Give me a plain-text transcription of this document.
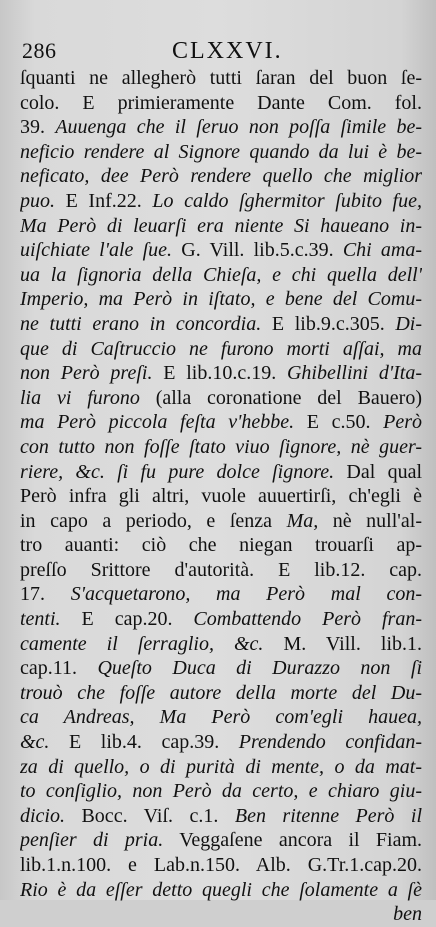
286	CLXXVI.
ſquanti ne allegherò tutti ſaran del buon ſe-
colo. E primieramente Dante Com. fol.
39. Auuenga che il ſeruo non poſſa ſimile be-
neficio rendere al Signore quando da lui è be-
neficato, dee Però rendere quello che miglior
puo. E Inf.22. Lo caldo ſghermitor ſubito fue,
Ma Però di leuarſi era niente Si haueano in-
uiſchiate l'ale ſue. G. Vill. lib.5.c.39. Chi ama-
ua la ſignoria della Chieſa, e chi quella dell'
Imperio, ma Però in iſtato, e bene del Comu-
ne tutti erano in concordia. E lib.9.c.305. Di-
que di Caſtruccio ne furono morti aſſai, ma
non Però preſi. E lib.10.c.19. Ghibellini d'Ita-
lia vi furono (alla coronatione del Bauero)
ma Però piccola feſta v'hebbe. E c.50. Però
con tutto non foſſe ſtato viuo ſignore, nè guer-
riere, &c. ſi fu pure dolce ſignore. Dal qual
Però infra gli altri, vuole auuertirſi, ch'egli è
in capo a periodo, e ſenza Ma, nè null'al-
tro auanti: ciò che niegan trouarſi ap-
preſſo Srittore d'autorità. E lib.12. cap.
17. S'acquetarono, ma Però mal con-
tenti. E cap.20. Combattendo Però fran-
camente il ſerraglio, &c. M. Vill. lib.1.
cap.11. Queſto Duca di Durazzo non ſi
trouò che foſſe autore della morte del Du-
ca Andreas, Ma Però com'egli hauea,
&c. E lib.4. cap.39. Prendendo confidan-
za di quello, o di purità di mente, o da mat-
to conſiglio, non Però da certo, e chiaro giu-
dicio. Bocc. Viſ. c.1. Ben ritenne Però il
penſier di pria. Veggaſene ancora il Fiam.
lib.1.n.100. e Lab.n.150. Alb. G.Tr.1.cap.20.
Rio è da eſſer detto quegli che ſolamente a ſè
ben
